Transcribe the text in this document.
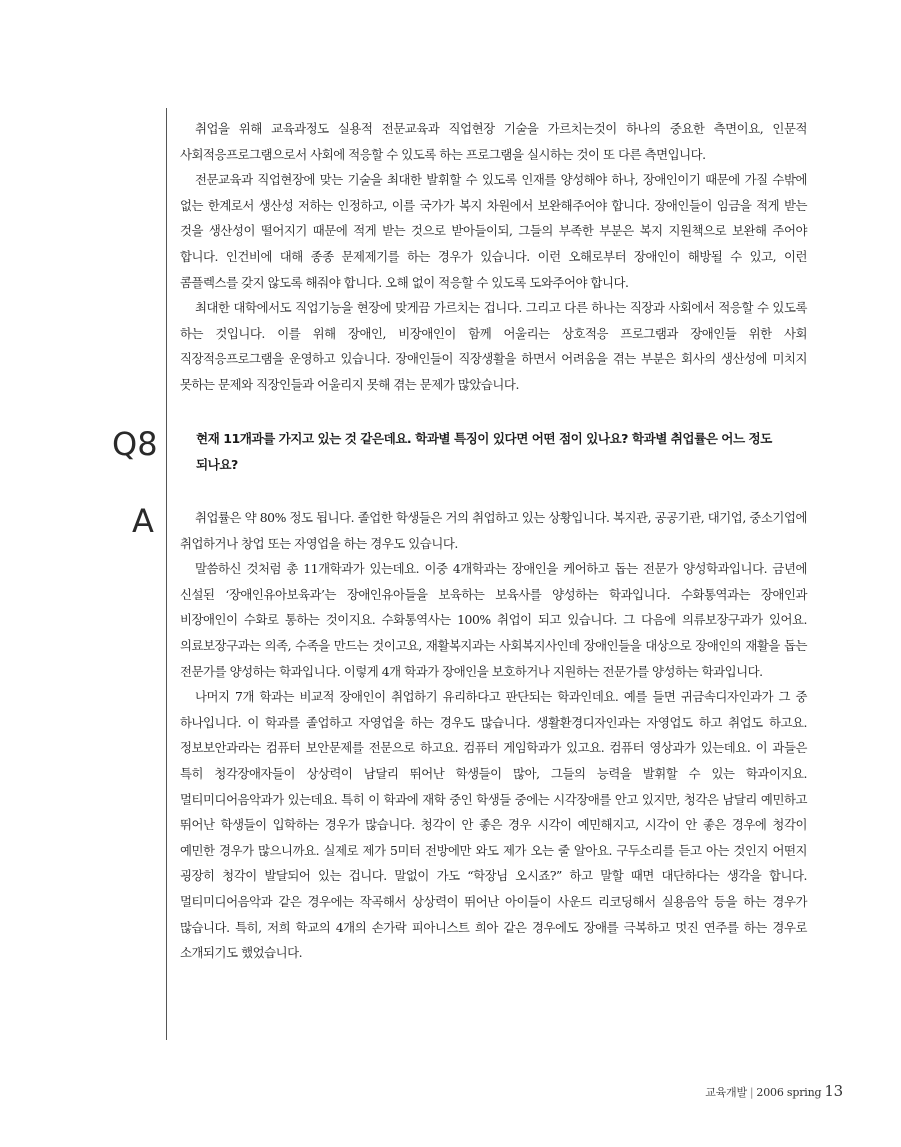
취업을 위해 교육과정도 실용적 전문교육과 직업현장 기술을 가르치는것이 하나의 중요한 측면이요, 인문적 사회적응프로그램으로서 사회에 적응할 수 있도록 하는 프로그램을 실시하는 것이 또 다른 측면입니다.

전문교육과 직업현장에 맞는 기술을 최대한 발휘할 수 있도록 인재를 양성해야 하나, 장애인이기 때문에 가질 수밖에 없는 한계로서 생산성 저하는 인정하고, 이를 국가가 복지 차원에서 보완해주어야 합니다. 장애인들이 임금을 적게 받는 것을 생산성이 떨어지기 때문에 적게 받는 것으로 받아들이되, 그들의 부족한 부분은 복지 지원책으로 보완해 주어야 합니다. 인건비에 대해 종종 문제제기를 하는 경우가 있습니다. 이런 오해로부터 장애인이 해방될 수 있고, 이런 콤플렉스를 갖지 않도록 해줘야 합니다. 오해 없이 적응할 수 있도록 도와주어야 합니다.

최대한 대학에서도 직업기능을 현장에 맞게끔 가르치는 겁니다. 그리고 다른 하나는 직장과 사회에서 적응할 수 있도록 하는 것입니다. 이를 위해 장애인, 비장애인이 함께 어울리는 상호적응 프로그램과 장애인들 위한 사회 직장적응프로그램을 운영하고 있습니다. 장애인들이 직장생활을 하면서 어려움을 겪는 부분은 회사의 생산성에 미치지 못하는 문제와 직장인들과 어울리지 못해 겪는 문제가 많았습니다.

Q8	현재 11개과를 가지고 있는 것 같은데요. 학과별 특징이 있다면 어떤 점이 있나요? 학과별 취업률은 어느 정도 되나요?
A	취업률은 약 80% 정도 됩니다. 졸업한 학생들은 거의 취업하고 있는 상황입니다. 복지관, 공공기관, 대기업, 중소기업에 취업하거나 창업 또는 자영업을 하는 경우도 있습니다.

말씀하신 것처럼 총 11개학과가 있는데요. 이중 4개학과는 장애인을 케어하고 돕는 전문가 양성학과입니다. 금년에 신설된 ‘장애인유아보육과’는 장애인유아들을 보육하는 보육사를 양성하는 학과입니다. 수화통역과는 장애인과 비장애인이 수화로 통하는 것이지요. 수화통역사는 100% 취업이 되고 있습니다. 그 다음에 의류보장구과가 있어요. 의료보장구과는 의족, 수족을 만드는 것이고요, 재활복지과는 사회복지사인데 장애인들을 대상으로 장애인의 재활을 돕는 전문가를 양성하는 학과입니다. 이렇게 4개 학과가 장애인을 보호하거나 지원하는 전문가를 양성하는 학과입니다.

나머지 7개 학과는 비교적 장애인이 취업하기 유리하다고 판단되는 학과인데요. 예를 들면 귀금속디자인과가 그 중 하나입니다. 이 학과를 졸업하고 자영업을 하는 경우도 많습니다. 생활환경디자인과는 자영업도 하고 취업도 하고요. 정보보안과라는 컴퓨터 보안문제를 전문으로 하고요. 컴퓨터 게임학과가 있고요. 컴퓨터 영상과가 있는데요. 이 과들은 특히 청각장애자들이 상상력이 남달리 뛰어난 학생들이 많아, 그들의 능력을 발휘할 수 있는 학과이지요. 멀티미디어음악과가 있는데요. 특히 이 학과에 재학 중인 학생들 중에는 시각장애를 안고 있지만, 청각은 남달리 예민하고 뛰어난 학생들이 입학하는 경우가 많습니다. 청각이 안 좋은 경우 시각이 예민해지고, 시각이 안 좋은 경우에 청각이 예민한 경우가 많으니까요. 실제로 제가 5미터 전방에만 와도 제가 오는 줄 알아요. 구두소리를 듣고 아는 것인지 어떤지 굉장히 청각이 발달되어 있는 겁니다. 말없이 가도 “학장님 오시죠?” 하고 말할 때면 대단하다는 생각을 합니다. 멀티미디어음악과 같은 경우에는 작곡해서 상상력이 뛰어난 아이들이 사운드 리코딩해서 실용음악 등을 하는 경우가 많습니다. 특히, 저희 학교의 4개의 손가락 피아니스트 희아 같은 경우에도 장애를 극복하고 멋진 연주를 하는 경우로 소개되기도 했었습니다.

교육개발 | 2006 spring 13
